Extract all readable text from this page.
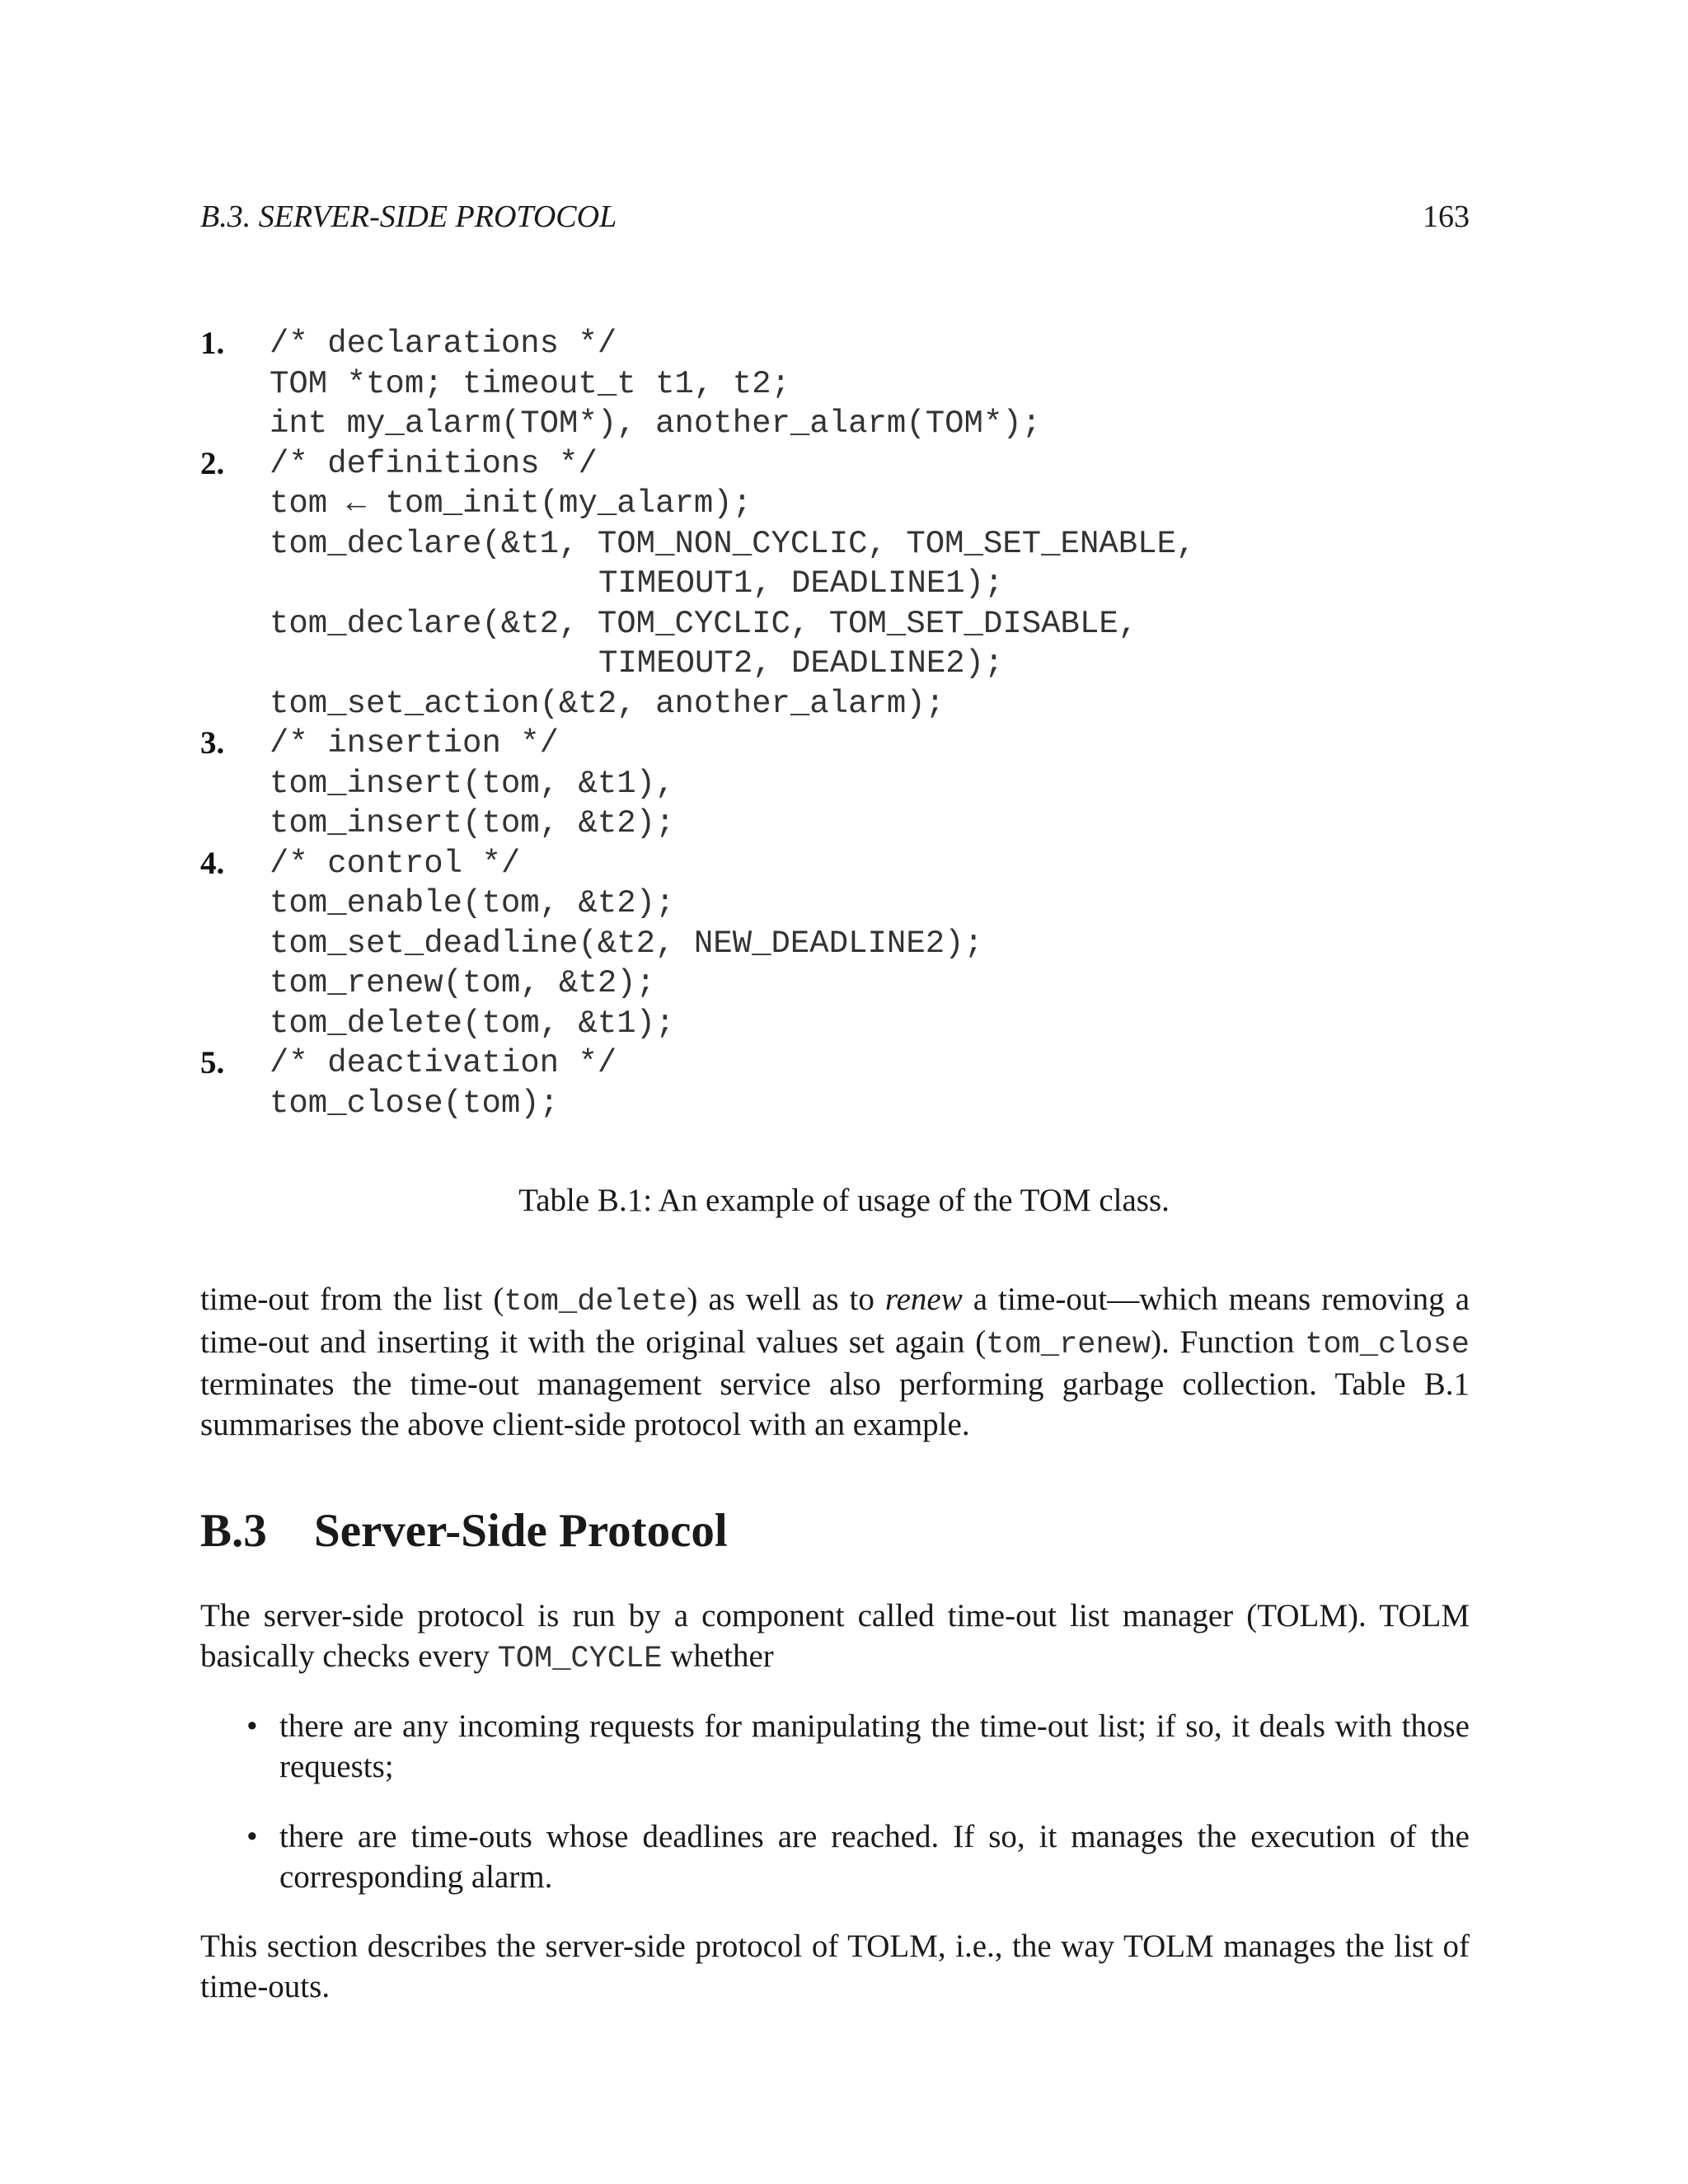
B.3. SERVER-SIDE PROTOCOL	163
1.	/* declarations */
TOM *tom; timeout_t t1, t2;
int my_alarm(TOM*), another_alarm(TOM*);
2.	/* definitions */
tom ← tom_init(my_alarm);
tom_declare(&t1, TOM_NON_CYCLIC, TOM_SET_ENABLE,
TIMEOUT1, DEADLINE1);
tom_declare(&t2, TOM_CYCLIC, TOM_SET_DISABLE,
TIMEOUT2, DEADLINE2);
tom_set_action(&t2, another_alarm);
3.	/* insertion */
tom_insert(tom, &t1),
tom_insert(tom, &t2);
4.	/* control */
tom_enable(tom, &t2);
tom_set_deadline(&t2, NEW_DEADLINE2);
tom_renew(tom, &t2);
tom_delete(tom, &t1);
5.	/* deactivation */
tom_close(tom);
Table B.1: An example of usage of the TOM class.
time-out from the list (tom_delete) as well as to renew a time-out—which means removing a time-out and inserting it with the original values set again (tom_renew). Function tom_close terminates the time-out management service also performing garbage collection. Table B.1 summarises the above client-side protocol with an example.
B.3 Server-Side Protocol
The server-side protocol is run by a component called time-out list manager (TOLM). TOLM basically checks every TOM_CYCLE whether
• there are any incoming requests for manipulating the time-out list; if so, it deals with those requests;
• there are time-outs whose deadlines are reached. If so, it manages the execution of the corresponding alarm.
This section describes the server-side protocol of TOLM, i.e., the way TOLM manages the list of time-outs.
